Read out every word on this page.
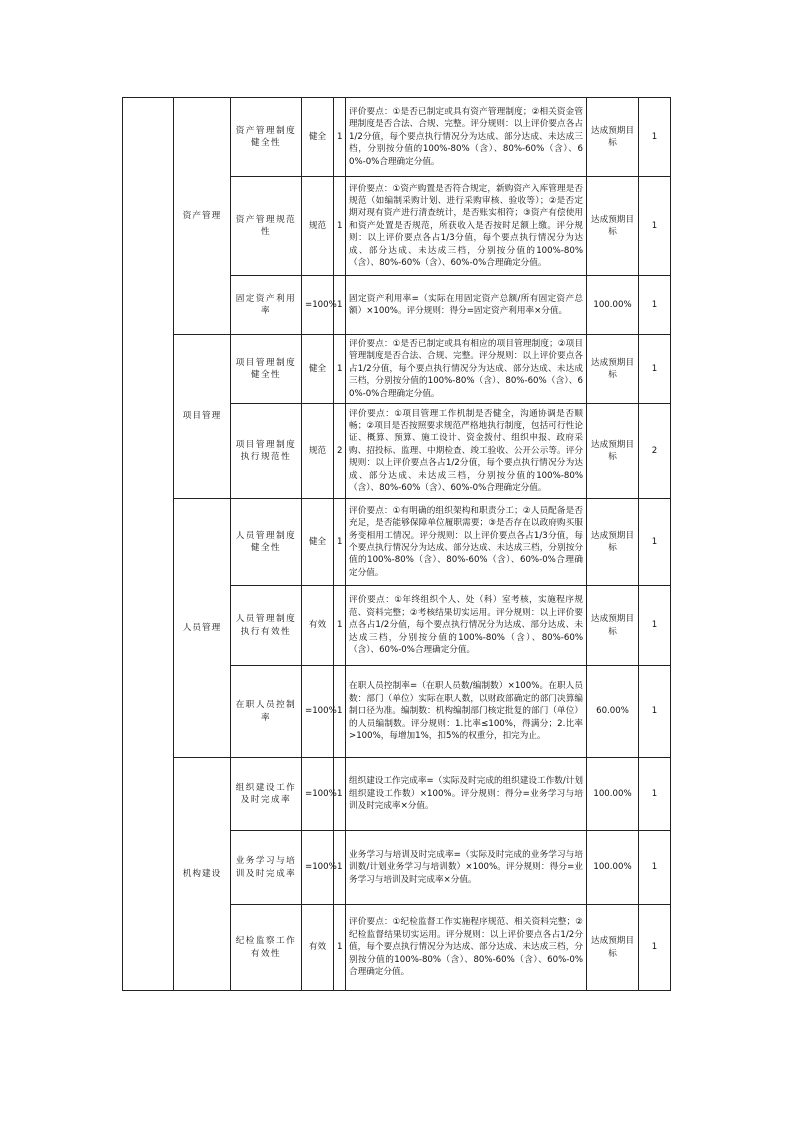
	资产管理	资产管理制度健全性	健全	1	评价要点：①是否已制定或具有资产管理制度；②相关资金管理制度是否合法、合规、完整。评分规则：以上评价要点各占1/2分值，每个要点执行情况分为达成、部分达成、未达成三档，分别按分值的100%-80%（含）、80%-60%（含）、60%-0%合理确定分值。	达成预期目标	1
		资产管理规范性	规范	1	评价要点：①资产购置是否符合规定，新购资产入库管理是否规范（如编制采购计划、进行采购审核、验收等）；②是否定期对现有资产进行清查统计，是否账实相符；③资产有偿使用和资产处置是否规范，所获收入是否按时足额上缴。评分规则：以上评价要点各占1/3分值，每个要点执行情况分为达成、部分达成、未达成三档，分别按分值的100%-80%（含）、80%-60%（含）、60%-0%合理确定分值。	达成预期目标	1
		固定资产利用率	=100%	1	固定资产利用率=（实际在用固定资产总额/所有固定资产总额）×100%。评分规则：得分=固定资产利用率×分值。	100.00%	1
	项目管理	项目管理制度健全性	健全	1	评价要点：①是否已制定或具有相应的项目管理制度；②项目管理制度是否合法、合规、完整。评分规则：以上评价要点各占1/2分值，每个要点执行情况分为达成、部分达成、未达成三档，分别按分值的100%-80%（含）、80%-60%（含）、60%-0%合理确定分值。	达成预期目标	1
		项目管理制度执行规范性	规范	2	评价要点：①项目管理工作机制是否健全，沟通协调是否顺畅；②项目是否按照要求规范严格地执行制度，包括可行性论证、概算、预算、施工设计、资金拨付、组织申报、政府采购、招投标、监理、中期检查、竣工验收、公开公示等。评分规则：以上评价要点各占1/2分值，每个要点执行情况分为达成、部分达成、未达成三档，分别按分值的100%-80%（含）、80%-60%（含）、60%-0%合理确定分值。	达成预期目标	2
	人员管理	人员管理制度健全性	健全	1	评价要点：①有明确的组织架构和职责分工；②人员配备是否充足，是否能够保障单位履职需要；③是否存在以政府购买服务变相用工情况。评分规则：以上评价要点各占1/3分值，每个要点执行情况分为达成、部分达成、未达成三档，分别按分值的100%-80%（含）、80%-60%（含）、60%-0%合理确定分值。	达成预期目标	1
		人员管理制度执行有效性	有效	1	评价要点：①年终组织个人、处（科）室考核，实施程序规范、资料完整；②考核结果切实运用。评分规则：以上评价要点各占1/2分值，每个要点执行情况分为达成、部分达成、未达成三档，分别按分值的100%-80%（含）、80%-60%（含）、60%-0%合理确定分值。	达成预期目标	1
		在职人员控制率	=100%	1	在职人员控制率=（在职人员数/编制数）×100%。在职人员数：部门（单位）实际在职人数，以财政部确定的部门决算编制口径为准。编制数：机构编制部门核定批复的部门（单位）的人员编制数。评分规则：1.比率≤100%，得满分；2.比率>100%，每增加1%，扣5%的权重分，扣完为止。	60.00%	1
	机构建设	组织建设工作及时完成率	=100%	1	组织建设工作完成率=（实际及时完成的组织建设工作数/计划组织建设工作数）×100%。评分规则：得分=业务学习与培训及时完成率×分值。	100.00%	1
		业务学习与培训及时完成率	=100%	1	业务学习与培训及时完成率=（实际及时完成的业务学习与培训数/计划业务学习与培训数）×100%。评分规则：得分=业务学习与培训及时完成率×分值。	100.00%	1
		纪检监察工作有效性	有效	1	评价要点：①纪检监督工作实施程序规范、相关资料完整；②纪检监督结果切实运用。评分规则：以上评价要点各占1/2分值，每个要点执行情况分为达成、部分达成、未达成三档，分别按分值的100%-80%（含）、80%-60%（含）、60%-0%合理确定分值。	达成预期目标	1
